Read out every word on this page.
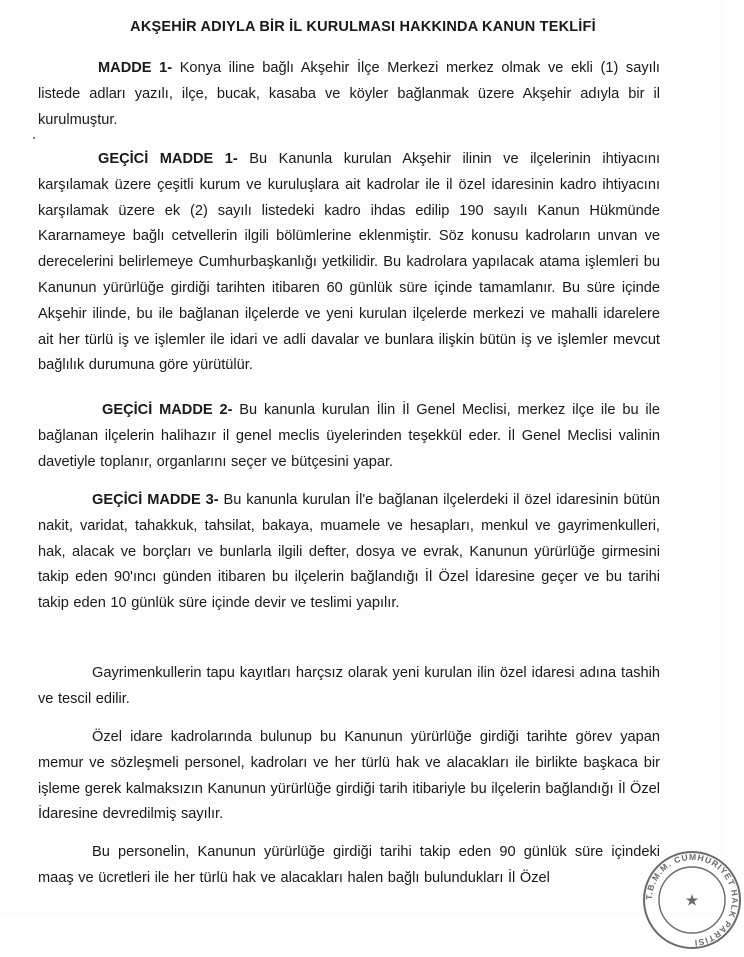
AKŞEHİR ADIYLA BİR İL KURULMASI HAKKINDA KANUN TEKLİFİ
MADDE 1- Konya iline bağlı Akşehir İlçe Merkezi merkez olmak ve ekli (1) sayılı listede adları yazılı, ilçe, bucak, kasaba ve köyler bağlanmak üzere Akşehir adıyla bir il kurulmuştur.
GEÇİCİ MADDE 1- Bu Kanunla kurulan Akşehir ilinin ve ilçelerinin ihtiyacını karşılamak üzere çeşitli kurum ve kuruluşlara ait kadrolar ile il özel idaresinin kadro ihtiyacını karşılamak üzere ek (2) sayılı listedeki kadro ihdas edilip 190 sayılı Kanun Hükmünde Kararnameye bağlı cetvellerin ilgili bölümlerine eklenmiştir. Söz konusu kadroların unvan ve derecelerini belirlemeye Cumhurbaşkanlığı yetkilidir. Bu kadrolara yapılacak atama işlemleri bu Kanunun yürürlüğe girdiği tarihten itibaren 60 günlük süre içinde tamamlanır. Bu süre içinde Akşehir ilinde, bu ile bağlanan ilçelerde ve yeni kurulan ilçelerde merkezi ve mahalli idarelere ait her türlü iş ve işlemler ile idari ve adli davalar ve bunlara ilişkin bütün iş ve işlemler mevcut bağlılık durumuna göre yürütülür.
GEÇİCİ MADDE 2- Bu kanunla kurulan İlin İl Genel Meclisi, merkez ilçe ile bu ile bağlanan ilçelerin halihazır il genel meclis üyelerinden teşekkül eder. İl Genel Meclisi valinin davetiyle toplanır, organlarını seçer ve bütçesini yapar.
GEÇİCİ MADDE 3- Bu kanunla kurulan İl'e bağlanan ilçelerdeki il özel idaresinin bütün nakit, varidat, tahakkuk, tahsilat, bakaya, muamele ve hesapları, menkul ve gayrimenkulleri, hak, alacak ve borçları ve bunlarla ilgili defter, dosya ve evrak, Kanunun yürürlüğe girmesini takip eden 90'ıncı günden itibaren bu ilçelerin bağlandığı İl Özel İdaresine geçer ve bu tarihi takip eden 10 günlük süre içinde devir ve teslimi yapılır.
Gayrimenkullerin tapu kayıtları harçsız olarak yeni kurulan ilin özel idaresi adına tashih ve tescil edilir.
Özel idare kadrolarında bulunup bu Kanunun yürürlüğe girdiği tarihte görev yapan memur ve sözleşmeli personel, kadroları ve her türlü hak ve alacakları ile birlikte başkaca bir işleme gerek kalmaksızın Kanunun yürürlüğe girdiği tarih itibariyle bu ilçelerin bağlandığı İl Özel İdaresine devredilmiş sayılır.
Bu personelin, Kanunun yürürlüğe girdiği tarihi takip eden 90 günlük süre içindeki maaş ve ücretleri ile her türlü hak ve alacakları halen bağlı bulundukları İl Özel
T.B.M.M. CUMHURİYET HALK PARTİSİ
★
